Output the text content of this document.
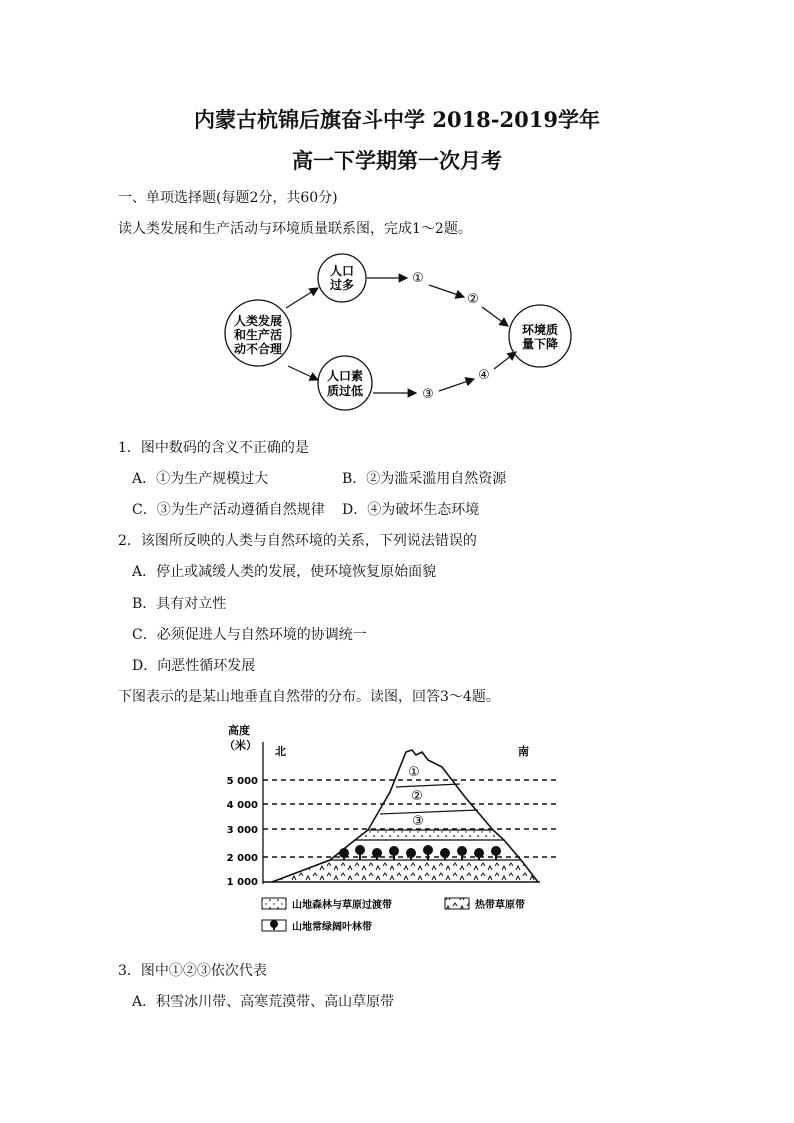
内蒙古杭锦后旗奋斗中学 2018-2019学年
高一下学期第一次月考
一、单项选择题(每题2分，共60分)
读人类发展和生产活动与环境质量联系图，完成1～2题。
人类发展
和生产活
动不合理
人口
过多
人口素
质过低
环境质
量下降
①
②
③
④
1．图中数码的含义不正确的是
A．①为生产规模过大	B．②为滥采滥用自然资源
C．③为生产活动遵循自然规律 D．④为破坏生态环境
2．该图所反映的人类与自然环境的关系，下列说法错误的
A．停止或减缓人类的发展，使环境恢复原始面貌
B．具有对立性
C．必须促进人与自然环境的协调统一
D．向恶性循环发展
下图表示的是某山地垂直自然带的分布。读图，回答3～4题。
高度
（米） 北	南
5 000
4 000
3 000
2 000
1 000
①
②
③
山地森林与草原过渡带	热带草原带
山地常绿阔叶林带
3．图中①②③依次代表
A．积雪冰川带、高寒荒漠带、高山草原带
